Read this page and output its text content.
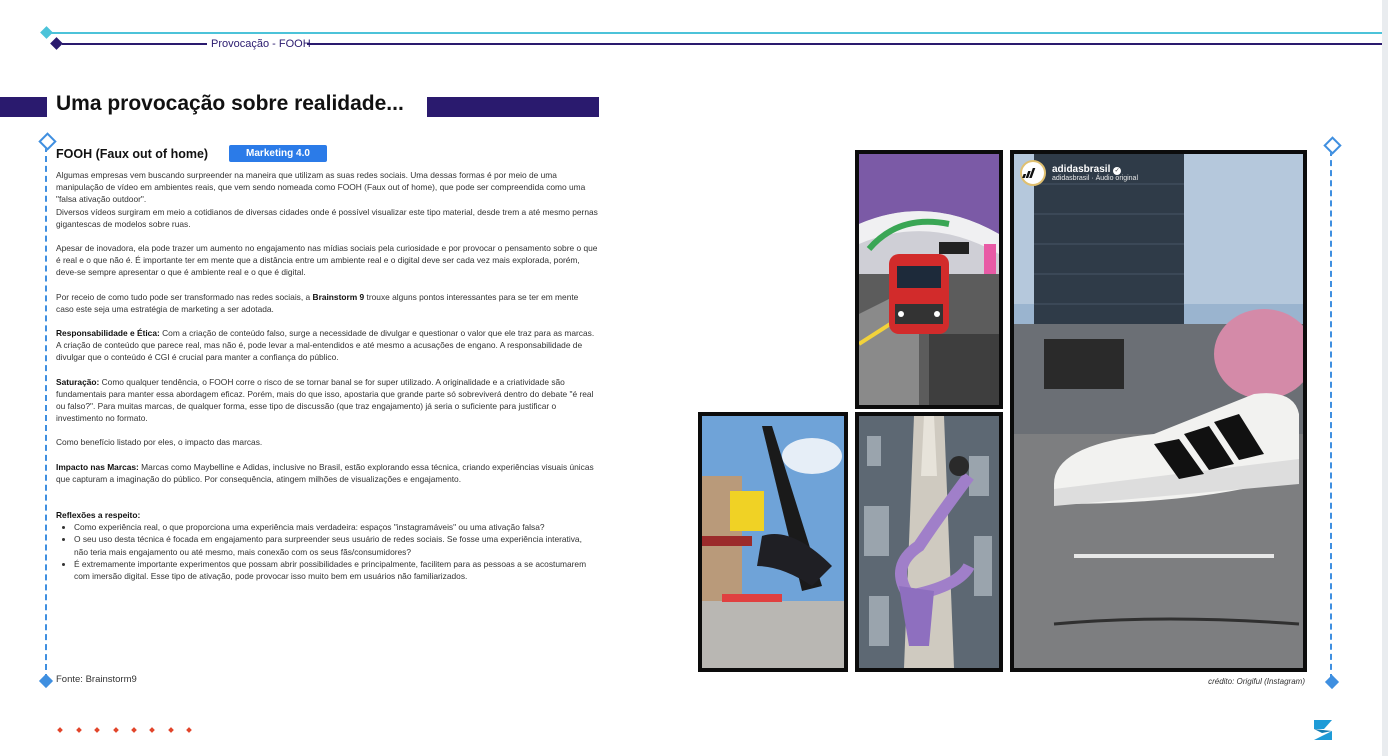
Provocação - FOOH
Uma provocação sobre realidade...
FOOH (Faux out of home)	Marketing 4.0

Algumas empresas vem buscando surpreender na maneira que utilizam as suas redes sociais. Uma dessas formas é por meio de uma manipulação de vídeo em ambientes reais, que vem sendo nomeada como FOOH (Faux out of home), que pode ser compreendida como uma "falsa ativação outdoor".

Diversos vídeos surgiram em meio a cotidianos de diversas cidades onde é possível visualizar este tipo material, desde trem a até mesmo pernas gigantescas de modelos sobre ruas.

Apesar de inovadora, ela pode trazer um aumento no engajamento nas mídias sociais pela curiosidade e por provocar o pensamento sobre o que é real e o que não é. É importante ter em mente que a distância entre um ambiente real e o digital deve ser cada vez mais explorada, porém, deve-se sempre apresentar o que é ambiente real e o que é digital.

Por receio de como tudo pode ser transformado nas redes sociais, a Brainstorm 9 trouxe alguns pontos interessantes para se ter em mente caso este seja uma estratégia de marketing a ser adotada.

Responsabilidade e Ética: Com a criação de conteúdo falso, surge a necessidade de divulgar e questionar o valor que ele traz para as marcas. A criação de conteúdo que parece real, mas não é, pode levar a mal-entendidos e até mesmo a acusações de engano. A responsabilidade de divulgar que o conteúdo é CGI é crucial para manter a confiança do público.

Saturação: Como qualquer tendência, o FOOH corre o risco de se tornar banal se for super utilizado. A originalidade e a criatividade são fundamentais para manter essa abordagem eficaz. Porém, mais do que isso, apostaria que grande parte só sobreviverá dentro do debate "é real ou falso?". Para muitas marcas, de qualquer forma, esse tipo de discussão (que traz engajamento) já seria o suficiente para justificar o investimento no formato.

Como benefício listado por eles, o impacto das marcas.

Impacto nas Marcas: Marcas como Maybelline e Adidas, inclusive no Brasil, estão explorando essa técnica, criando experiências visuais únicas que capturam a imaginação do público. Por consequência, atingem milhões de visualizações e engajamento.

Reflexões a respeito:

• Como experiência real, o que proporciona uma experiência mais verdadeira: espaços "instagramáveis" ou uma ativação falsa?
• O seu uso desta técnica é focada em engajamento para surpreender seus usuário de redes sociais. Se fosse uma experiência interativa, não teria mais engajamento ou até mesmo, mais conexão com os seus fãs/consumidores?
• É extremamente importante experimentos que possam abrir possibilidades e principalmente, facilitem para as pessoas a se acostumarem com imersão digital. Esse tipo de ativação, pode provocar isso muito bem em usuários não familiarizados.
Fonte: Brainstorm9
adidasbrasil ✓
adidasbrasil · Áudio original
crédito: Origiful (Instagram)
